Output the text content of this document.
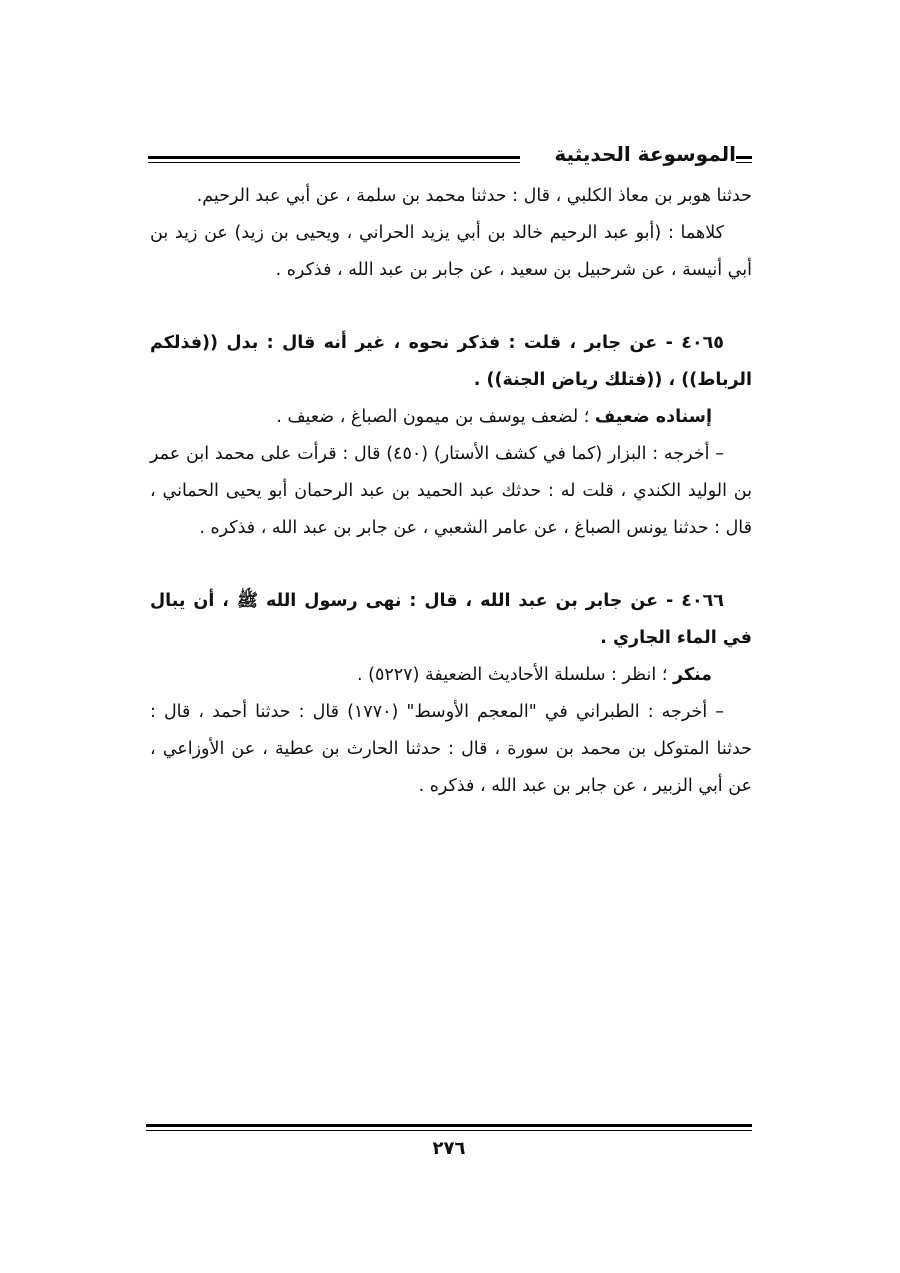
الموسوعة الحديثية

حدثنا هوبر بن معاذ الكلبي ، قال : حدثنا محمد بن سلمة ، عن أبي عبد الرحيم.

كلاهما : (أبو عبد الرحيم خالد بن أبي يزيد الحراني ، ويحيى بن زيد) عن زيد بن أبي أنيسة ، عن شرحبيل بن سعيد ، عن جابر بن عبد الله ، فذكره .

٤٠٦٥ - عن جابر ، قلت : فذكر نحوه ، غير أنه قال : بدل ((فذلكم الرباط)) ، ((فتلك رياض الجنة)) .

إسناده ضعيف ؛ لضعف يوسف بن ميمون الصباغ ، ضعيف .

– أخرجه : البزار (كما في كشف الأستار) (٤٥٠) قال : قرأت على محمد ابن عمر بن الوليد الكندي ، قلت له : حدثك عبد الحميد بن عبد الرحمان أبو يحيى الحماني ، قال : حدثنا يونس الصباغ ، عن عامر الشعبي ، عن جابر بن عبد الله ، فذكره .

٤٠٦٦ - عن جابر بن عبد الله ، قال : نهى رسول الله ﷺ ، أن يبال في الماء الجاري .

منكر ؛ انظر : سلسلة الأحاديث الضعيفة (٥٢٢٧) .

– أخرجه : الطبراني في "المعجم الأوسط" (١٧٧٠) قال : حدثنا أحمد ، قال : حدثنا المتوكل بن محمد بن سورة ، قال : حدثنا الحارث بن عطية ، عن الأوزاعي ، عن أبي الزبير ، عن جابر بن عبد الله ، فذكره .

٢٧٦
